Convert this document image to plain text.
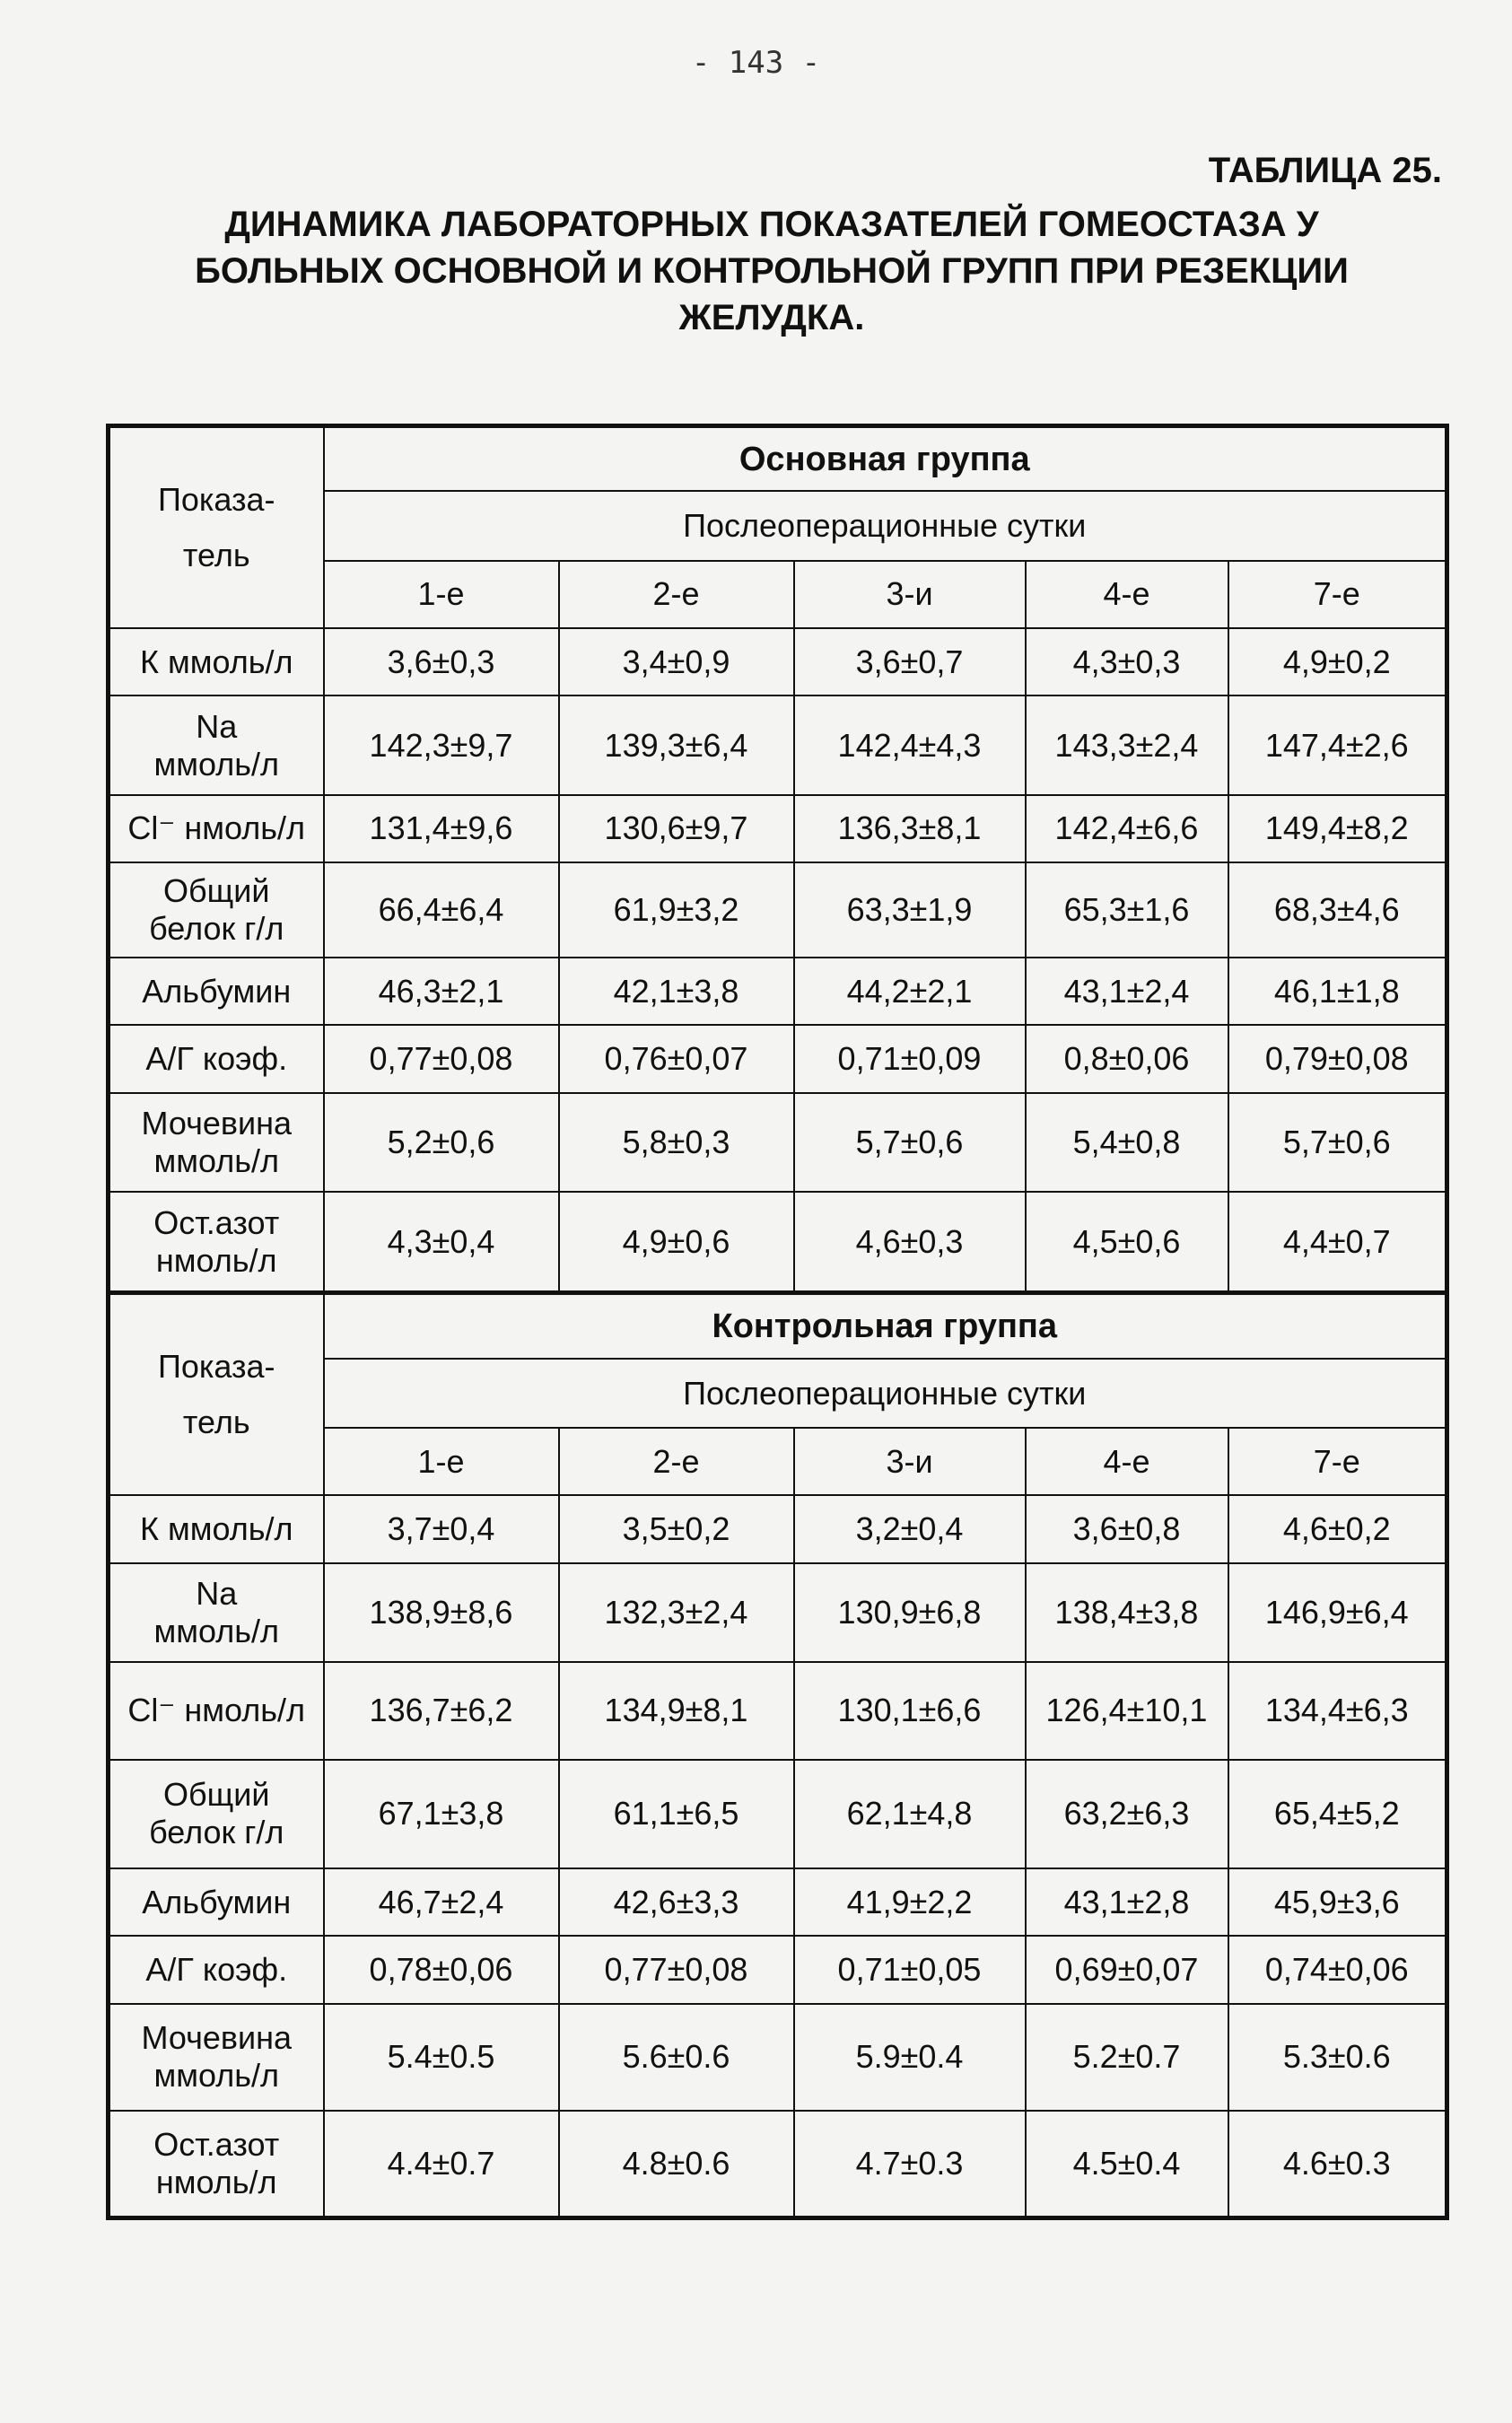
- 143 -
ТАБЛИЦА 25.
ДИНАМИКА ЛАБОРАТОРНЫХ ПОКАЗАТЕЛЕЙ ГОМЕОСТАЗА У
БОЛЬНЫХ ОСНОВНОЙ И КОНТРОЛЬНОЙ ГРУПП ПРИ РЕЗЕКЦИИ
ЖЕЛУДКА.
Показа-
тель	Основная группа				
	Послеоперационные сутки				
	1-е	2-е	3-и	4-е	7-е

К ммоль/л	3,6±0,3	3,4±0,9	3,6±0,7	4,3±0,3	4,9±0,2

Na
ммоль/л	142,3±9,7	139,3±6,4	142,4±4,3	143,3±2,4	147,4±2,6

Cl⁻ нмоль/л	131,4±9,6	130,6±9,7	136,3±8,1	142,4±6,6	149,4±8,2

Общий
белок г/л	66,4±6,4	61,9±3,2	63,3±1,9	65,3±1,6	68,3±4,6

Альбумин	46,3±2,1	42,1±3,8	44,2±2,1	43,1±2,4	46,1±1,8

А/Г коэф.	0,77±0,08	0,76±0,07	0,71±0,09	0,8±0,06	0,79±0,08

Мочевина
ммоль/л	5,2±0,6	5,8±0,3	5,7±0,6	5,4±0,8	5,7±0,6

Ост.азот
нмоль/л	4,3±0,4	4,9±0,6	4,6±0,3	4,5±0,6	4,4±0,7

Показа-
тель	Контрольная группа				
	Послеоперационные сутки				
	1-е	2-е	3-и	4-е	7-е

К ммоль/л	3,7±0,4	3,5±0,2	3,2±0,4	3,6±0,8	4,6±0,2

Na
ммоль/л	138,9±8,6	132,3±2,4	130,9±6,8	138,4±3,8	146,9±6,4

Cl⁻ нмоль/л	136,7±6,2	134,9±8,1	130,1±6,6	126,4±10,1	134,4±6,3

Общий
белок г/л	67,1±3,8	61,1±6,5	62,1±4,8	63,2±6,3	65,4±5,2

Альбумин	46,7±2,4	42,6±3,3	41,9±2,2	43,1±2,8	45,9±3,6

А/Г коэф.	0,78±0,06	0,77±0,08	0,71±0,05	0,69±0,07	0,74±0,06

Мочевина
ммоль/л	5.4±0.5	5.6±0.6	5.9±0.4	5.2±0.7	5.3±0.6

Ост.азот
нмоль/л	4.4±0.7	4.8±0.6	4.7±0.3	4.5±0.4	4.6±0.3
